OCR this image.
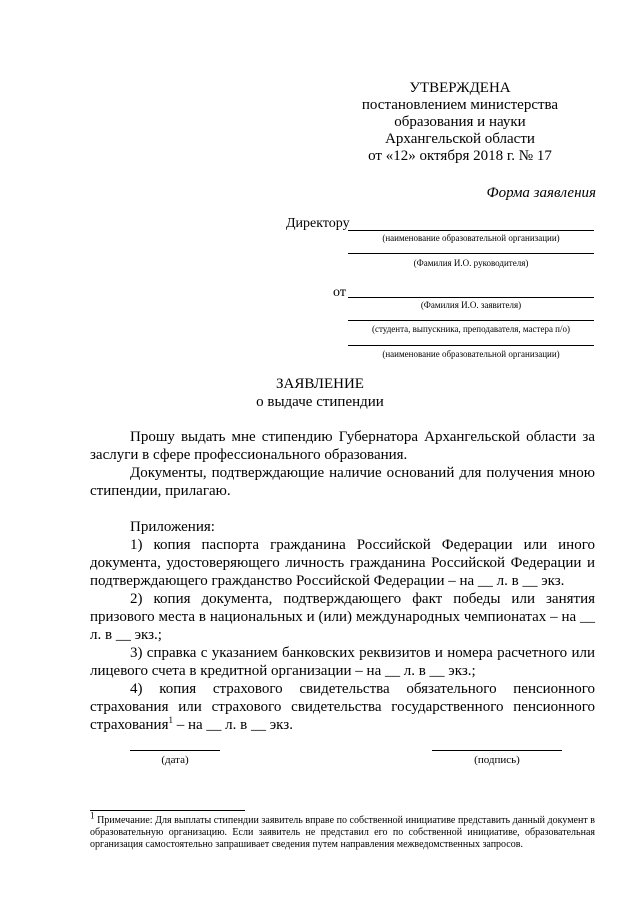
УТВЕРЖДЕНА
постановлением министерства
образования и науки
Архангельской области
от «12» октября 2018 г. № 17
Форма заявления
Директору
(наименование образовательной организации)
(Фамилия И.О. руководителя)
от
(Фамилия И.О. заявителя)
(студента, выпускника, преподавателя, мастера п/о)
(наименование образовательной организации)
ЗАЯВЛЕНИЕ
о выдаче стипендии

Прошу выдать мне стипендию Губернатора Архангельской области за заслуги в сфере профессионального образования.

Документы, подтверждающие наличие оснований для получения мною стипендии, прилагаю.

Приложения:

1) копия паспорта гражданина Российской Федерации или иного документа, удостоверяющего личность гражданина Российской Федерации и подтверждающего гражданство Российской Федерации – на __ л. в __ экз.

2) копия документа, подтверждающего факт победы или занятия призового места в национальных и (или) международных чемпионатах – на __ л. в __ экз.;

3) справка с указанием банковских реквизитов и номера расчетного или лицевого счета в кредитной организации – на __ л. в __ экз.;

4) копия страхового свидетельства обязательного пенсионного страхования или страхового свидетельства государственного пенсионного страхования$^1$ – на __ л. в __ экз.

(дата)	(подпись)
$^1$ Примечание: Для выплаты стипендии заявитель вправе по собственной инициативе представить данный документ в образовательную организацию. Если заявитель не представил его по собственной инициативе, образовательная организация самостоятельно запрашивает сведения путем направления межведомственных запросов.
